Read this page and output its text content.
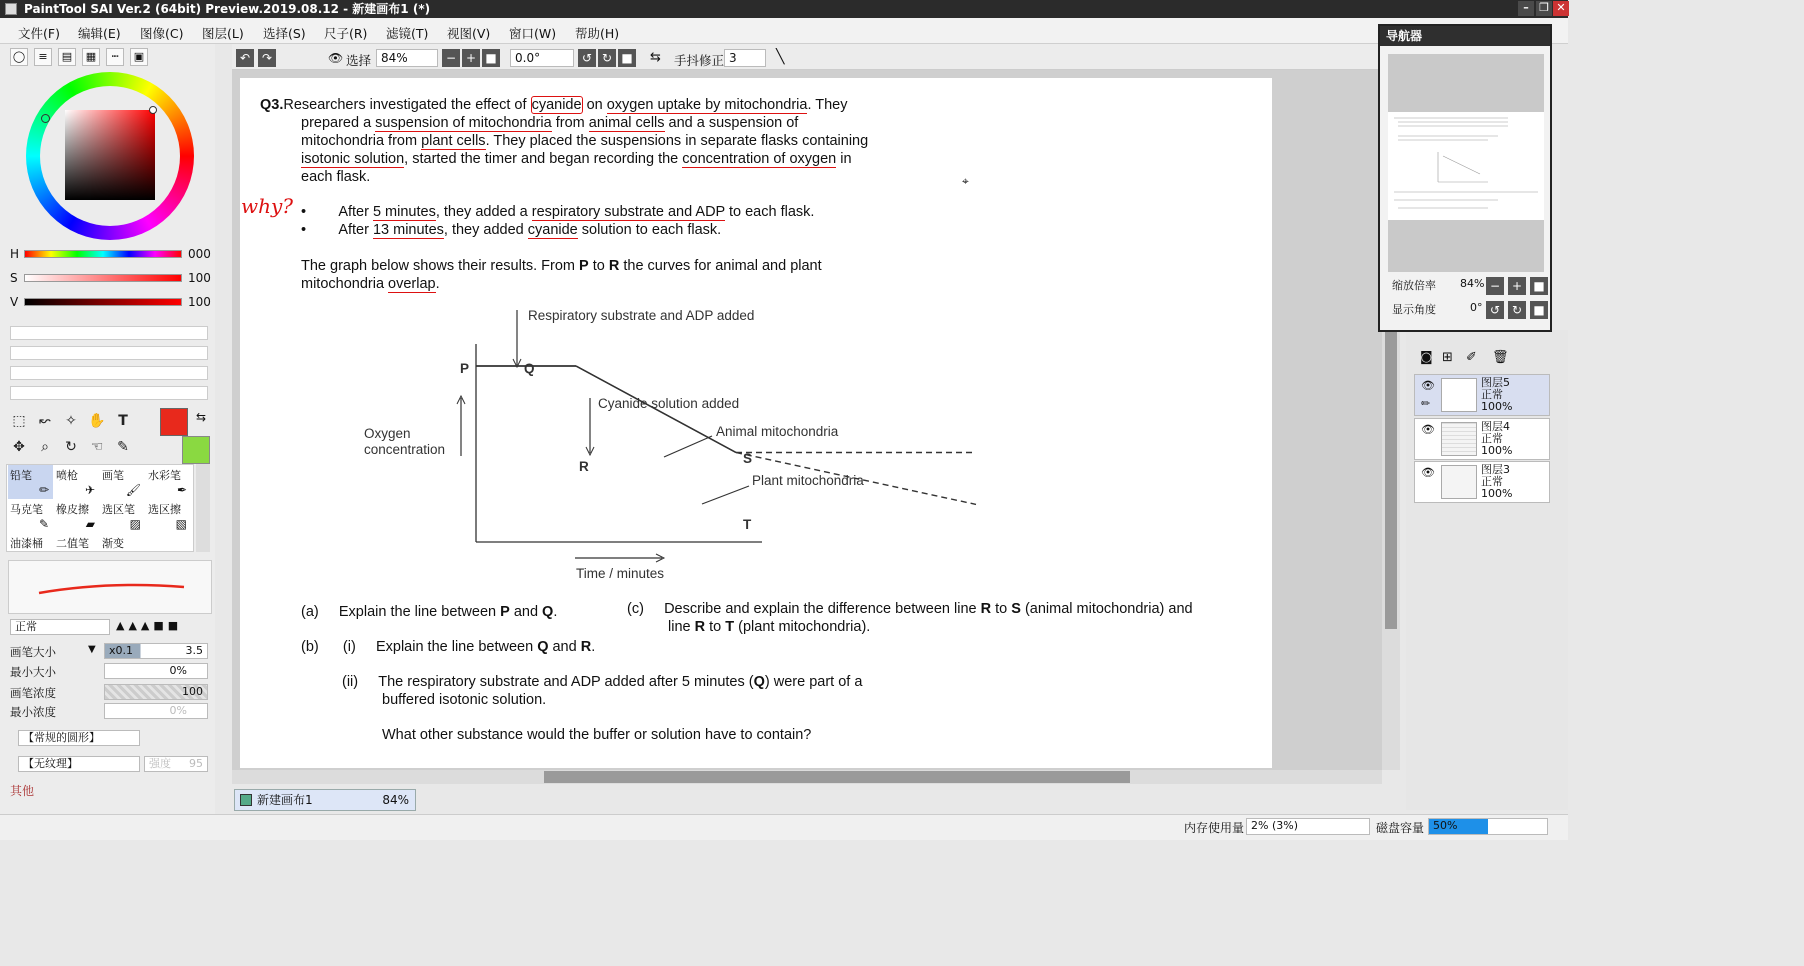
PaintTool SAI Ver.2 (64bit) Preview.2019.08.12 - 新建画布1 (*)	– ❐ ✕
文件(F) 编辑(E) 图像(C) 图层(L) 选择(S) 尺子(R) 滤镜(T) 视图(V) 窗口(W) 帮助(H)
◯	≡	▤	▦	┉	▣
H	000
S	100
V	100
⬚ ↜	✧ ✋ T
✥	⌕	↻ ☜ ✎
⇆
铅笔
✏
喷枪
✈
画笔
🖌
水彩笔
✒
马克笔
✎
橡皮擦
▰
选区笔
▨
选区擦
▧
油漆桶	二值笔	渐变
正常	▲▲▲■■
画笔大小	▼	x0.1	3.5
最小大小	0%
画笔浓度	100
最小浓度	0%
【常规的圆形】
【无纹理】	强度 95
其他
↶ ↷	👁 选择 84%	− + ■	0.0°	↺ ↻ ■ ⇆ 手抖修正 3	╲
Q3.Researchers investigated the effect of cyanide on oxygen uptake by mitochondria. They
prepared a suspension of mitochondria from animal cells and a suspension of
mitochondria from plant cells. They placed the suspensions in separate flasks containing
isotonic solution, started the timer and began recording the concentration of oxygen in
each flask.
why? •        After 5 minutes, they added a respiratory substrate and ADP to each flask.
•        After 13 minutes, they added cyanide solution to each flask.
The graph below shows their results. From P to R the curves for animal and plant
mitochondria overlap.
Respiratory substrate and ADP added
Cyanide solution added
Animal mitochondria
Plant mitochondria
Oxygen concentration
Time / minutes
P	Q
R
S
T
(a) Explain the line between P and Q.	(c) Describe and explain the difference between line R to S (animal mitochondria) and
line R to T (plant mitochondria).
(b) (i) Explain the line between Q and R.
(ii) The respiratory substrate and ADP added after 5 minutes (Q) were part of a
buffered isotonic solution.
What other substance would the buffer or solution have to contain?
⌖
新建画布1	84%
◙ ⊞ ✐ 🗑
👁
✏
图层5
正常
100%
👁	图层4
正常
100%
👁	图层3
正常
100%
导航器
缩放倍率 84% − + ■
显示角度	0° ↺ ↻ ■
内存使用量 2% (3%)	磁盘容量 50%
